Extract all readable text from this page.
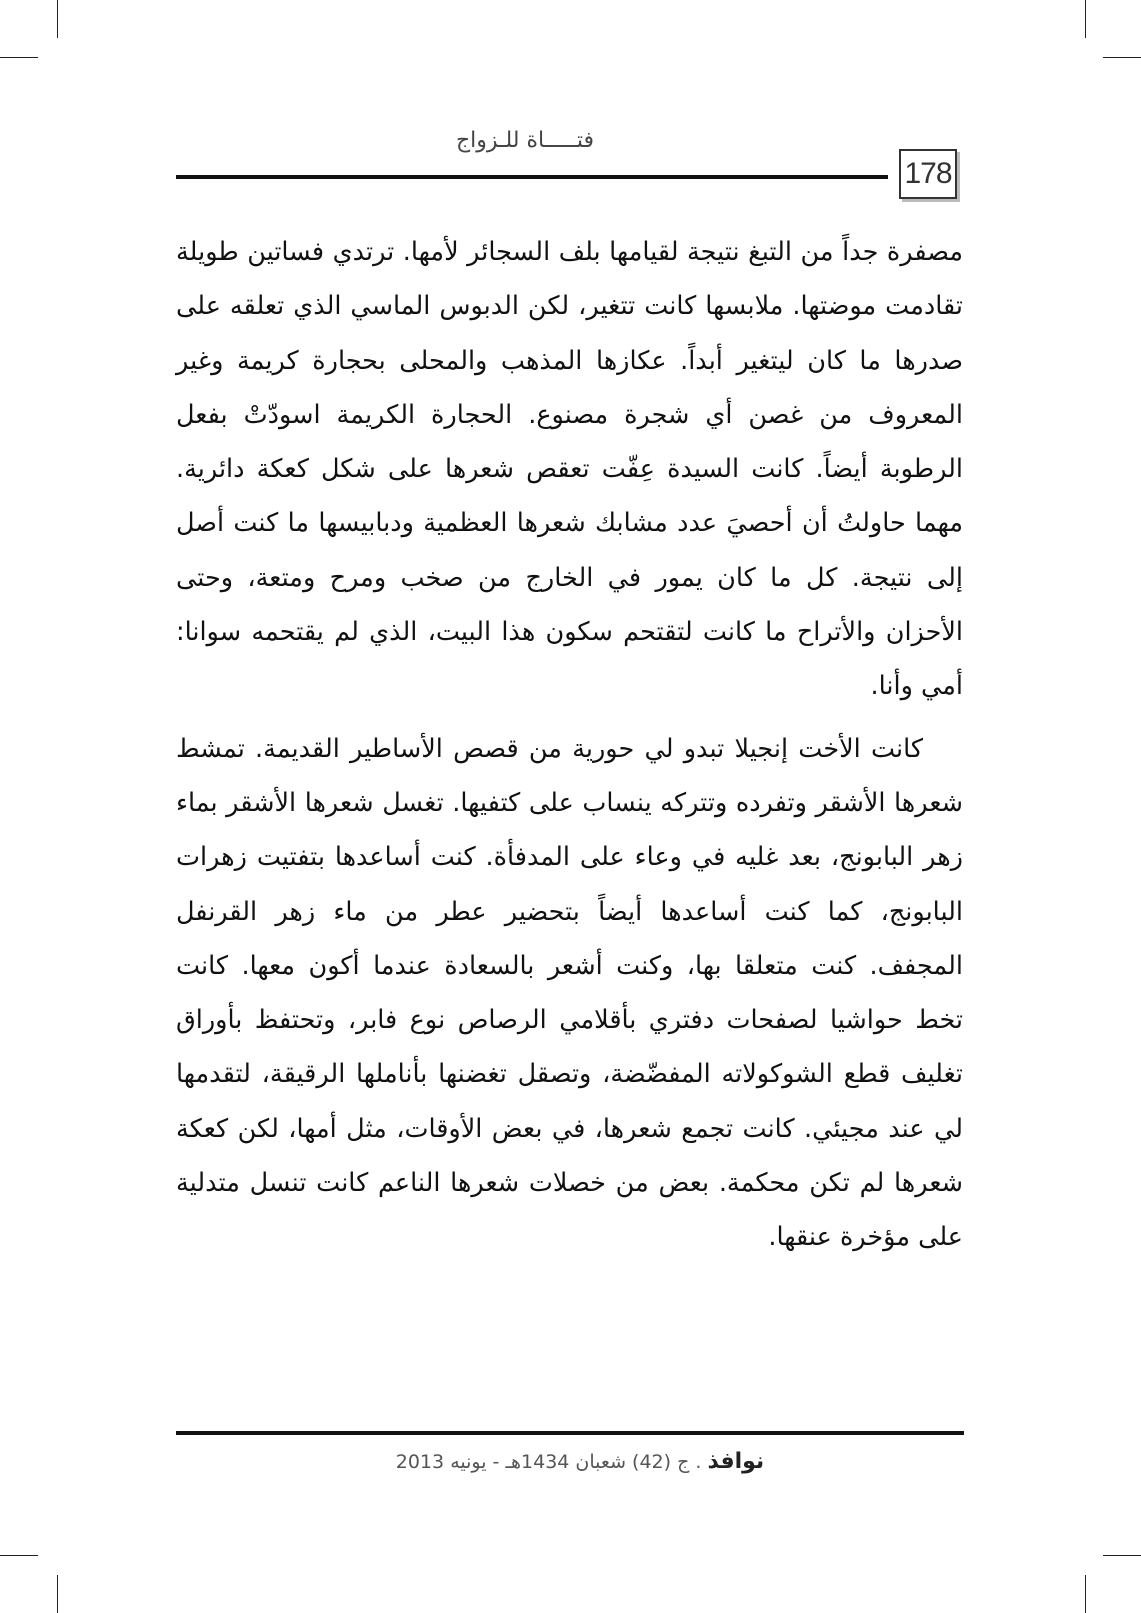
فتـــــاة للـزواج
178

مصفرة جداً من التبغ نتيجة لقيامها بلف السجائر لأمها. ترتدي فساتين طويلة تقادمت موضتها. ملابسها كانت تتغير، لكن الدبوس الماسي الذي تعلقه على صدرها ما كان ليتغير أبداً. عكازها المذهب والمحلى بحجارة كريمة وغير المعروف من غصن أي شجرة مصنوع. الحجارة الكريمة اسودّتْ بفعل الرطوبة أيضاً. كانت السيدة عِفّت تعقص شعرها على شكل كعكة دائرية. مهما حاولتُ أن أحصيَ عدد مشابك شعرها العظمية ودبابيسها ما كنت أصل إلى نتيجة. كل ما كان يمور في الخارج من صخب ومرح ومتعة، وحتى الأحزان والأتراح ما كانت لتقتحم سكون هذا البيت، الذي لم يقتحمه سوانا: أمي وأنا.

كانت الأخت إنجيلا تبدو لي حورية من قصص الأساطير القديمة. تمشط شعرها الأشقر وتفرده وتتركه ينساب على كتفيها. تغسل شعرها الأشقر بماء زهر البابونج، بعد غليه في وعاء على المدفأة. كنت أساعدها بتفتيت زهرات البابونج، كما كنت أساعدها أيضاً بتحضير عطر من ماء زهر القرنفل المجفف. كنت متعلقا بها، وكنت أشعر بالسعادة عندما أكون معها. كانت تخط حواشيا لصفحات دفتري بأقلامي الرصاص نوع فابر، وتحتفظ بأوراق تغليف قطع الشوكولاته المفضّضة، وتصقل تغضنها بأناملها الرقيقة، لتقدمها لي عند مجيئي. كانت تجمع شعرها، في بعض الأوقات، مثل أمها، لكن كعكة شعرها لم تكن محكمة. بعض من خصلات شعرها الناعم كانت تنسل متدلية على مؤخرة عنقها.

نوافذ . ج (42) شعبان 1434هـ - يونيه 2013
